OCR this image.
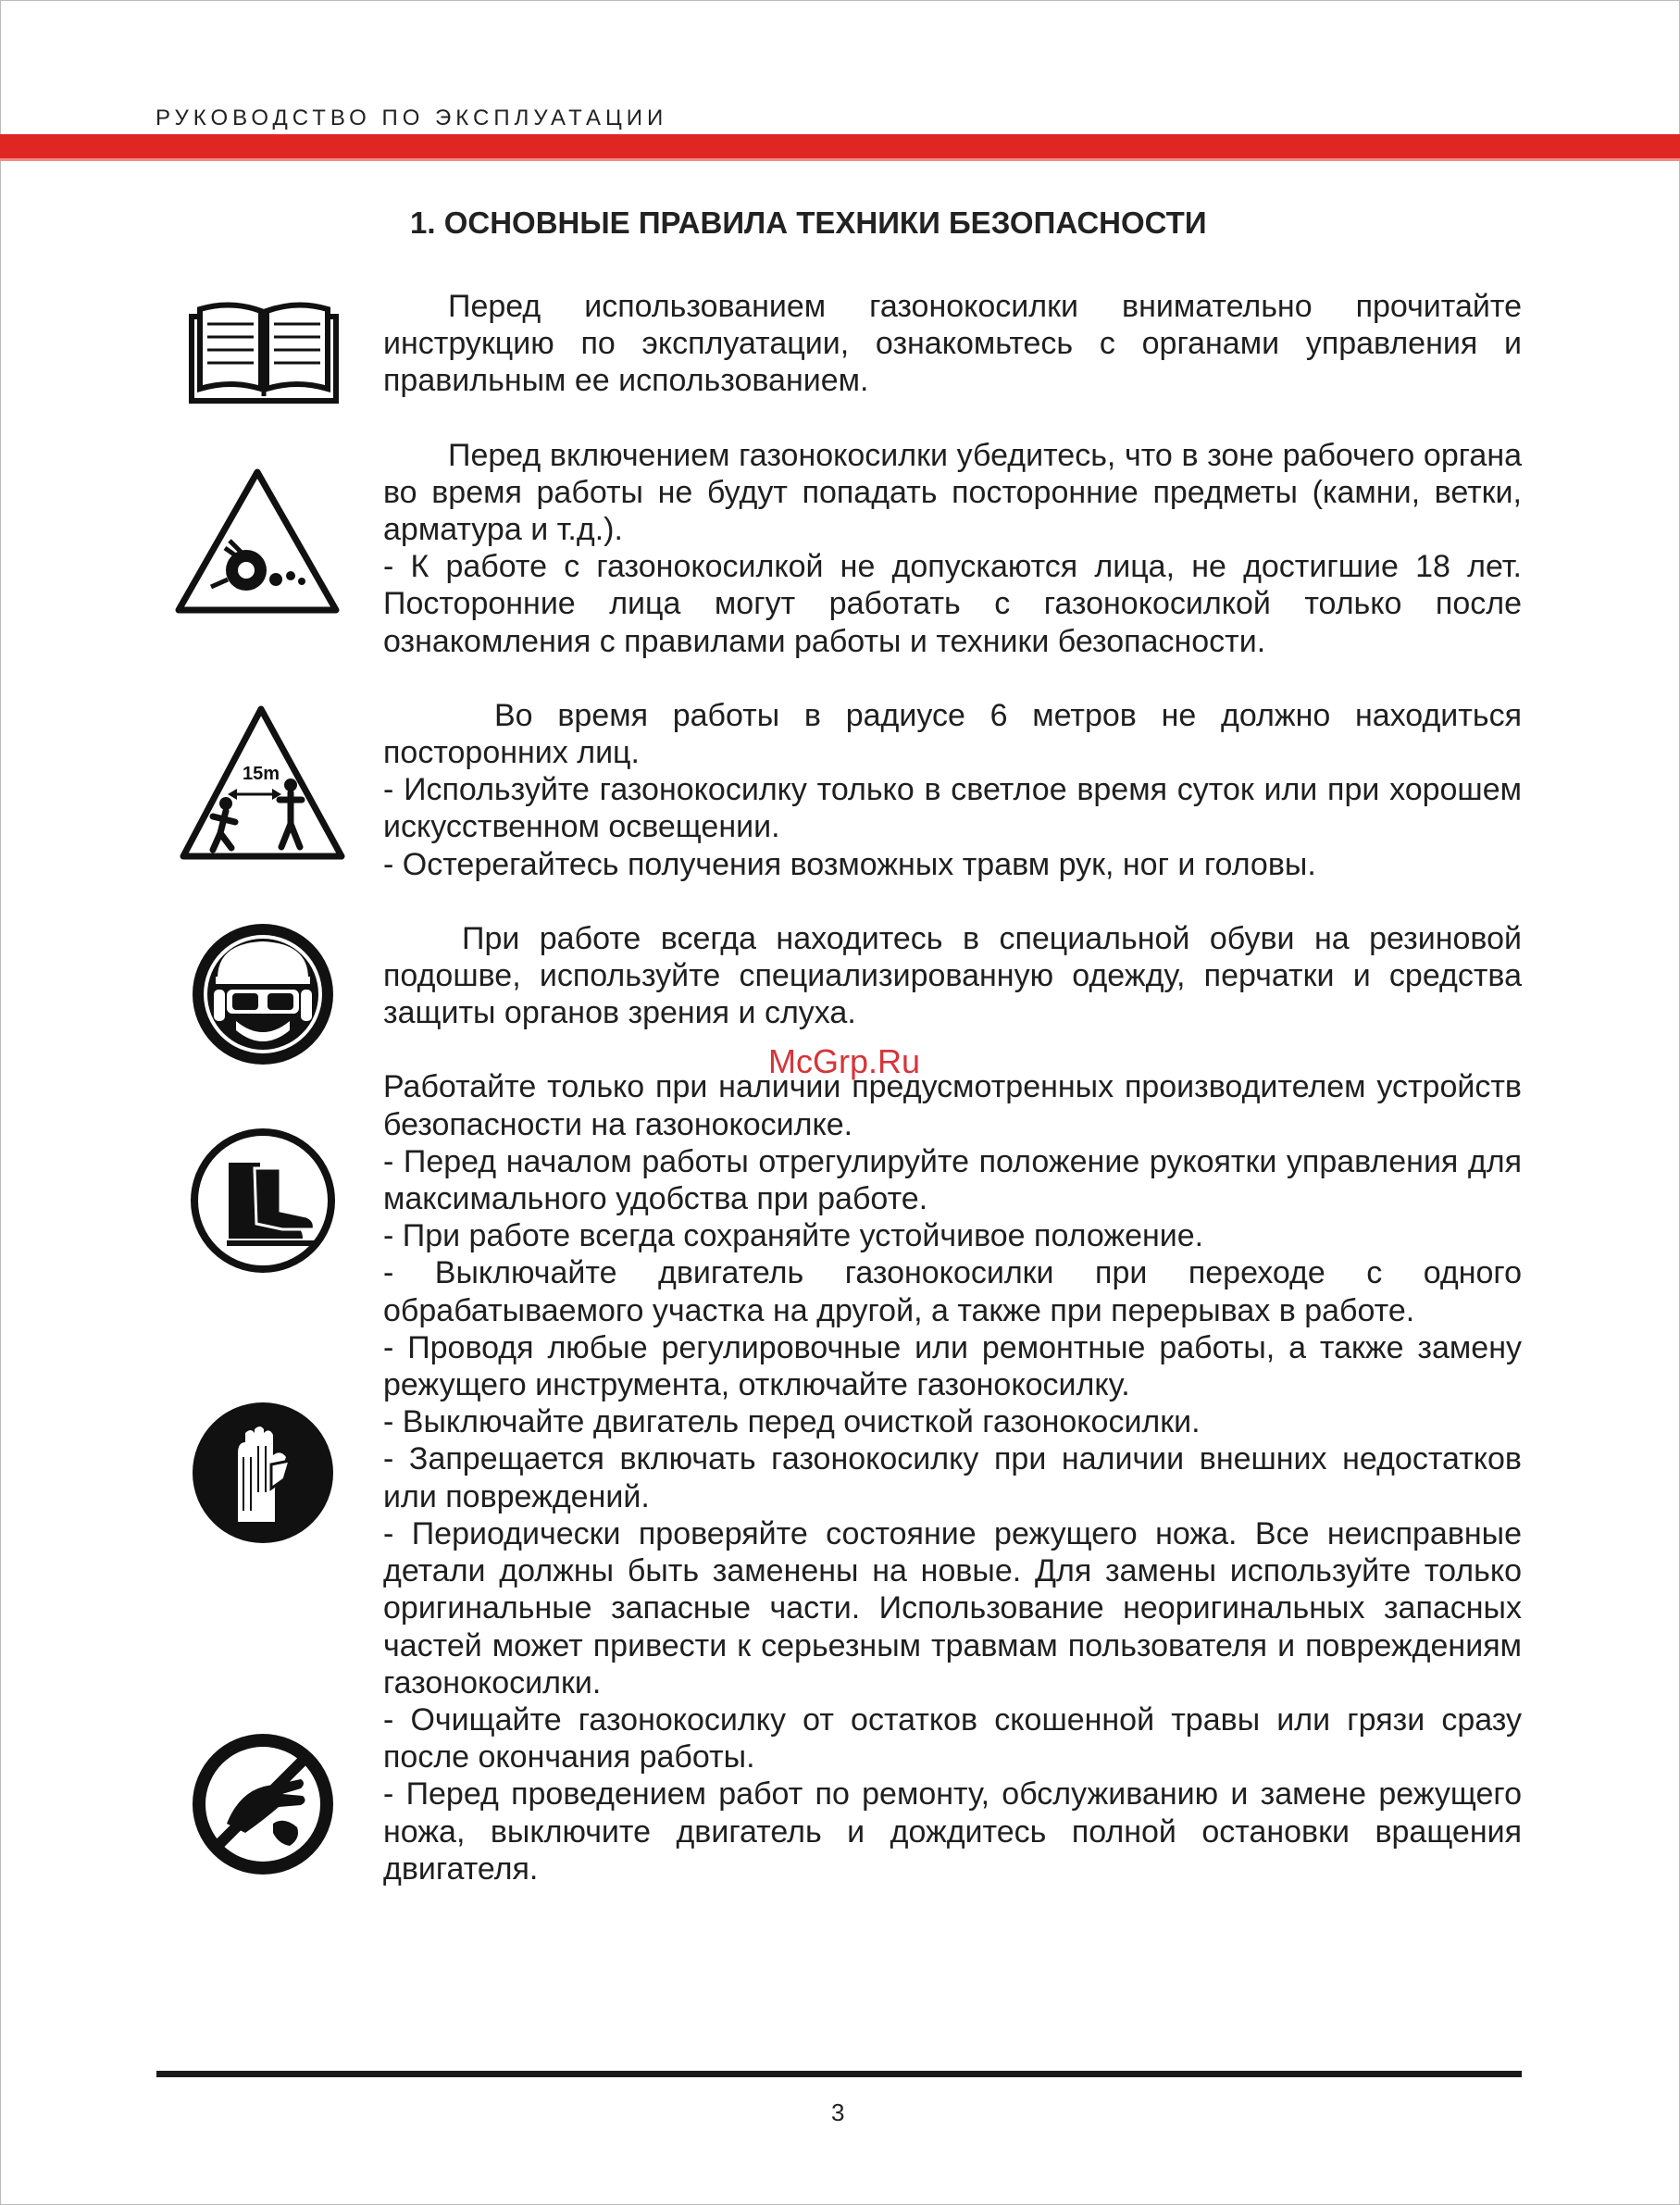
РУКОВОДСТВО ПО ЭКСПЛУАТАЦИИ
1. ОСНОВНЫЕ ПРАВИЛА ТЕХНИКИ БЕЗОПАСНОСТИ
15m

Перед использованием газонокосилки внимательно прочитайте инструкцию по эксплуатации, ознакомьтесь с органами управления и правильным ее использованием.

Перед включением газонокосилки убедитесь, что в зоне рабочего органа во время работы не будут попадать посторонние предметы (камни, ветки, арматура и т.д.).

- К работе с газонокосилкой не допускаются лица, не достигшие 18 лет. Посторонние лица могут работать с газонокосилкой только после ознакомления с правилами работы и техники безопасности.

Во время работы в радиусе 6 метров не должно находиться посторонних лиц.

- Используйте газонокосилку только в светлое время суток или при хорошем искусственном освещении.

- Остерегайтесь получения возможных травм рук, ног и головы.

При работе всегда находитесь в специальной обуви на резиновой подошве, используйте специализированную одежду, перчатки и средства защиты органов зрения и слуха.

Работайте только при наличии предусмотренных производителем устройств безопасности на газонокосилке.

- Перед началом работы отрегулируйте положение рукоятки управления для максимального удобства при работе.

- При работе всегда сохраняйте устойчивое положение.

- Выключайте двигатель газонокосилки при переходе с одного обрабатываемого участка на другой, а также при перерывах в работе.

- Проводя любые регулировочные или ремонтные работы, а также замену режущего инструмента, отключайте газонокосилку.

- Выключайте двигатель перед очисткой газонокосилки.

- Запрещается включать газонокосилку при наличии внешних недостатков или повреждений.

- Периодически проверяйте состояние режущего ножа. Все неисправные детали должны быть заменены на новые. Для замены используйте только оригинальные запасные части. Использование неоригинальных запасных частей может привести к серьезным травмам пользователя и повреждениям газонокосилки.

- Очищайте газонокосилку от остатков скошенной травы или грязи сразу после окончания работы.

- Перед проведением работ по ремонту, обслуживанию и замене режущего ножа, выключите двигатель и дождитесь полной остановки вращения двигателя.

McGrp.Ru
3
